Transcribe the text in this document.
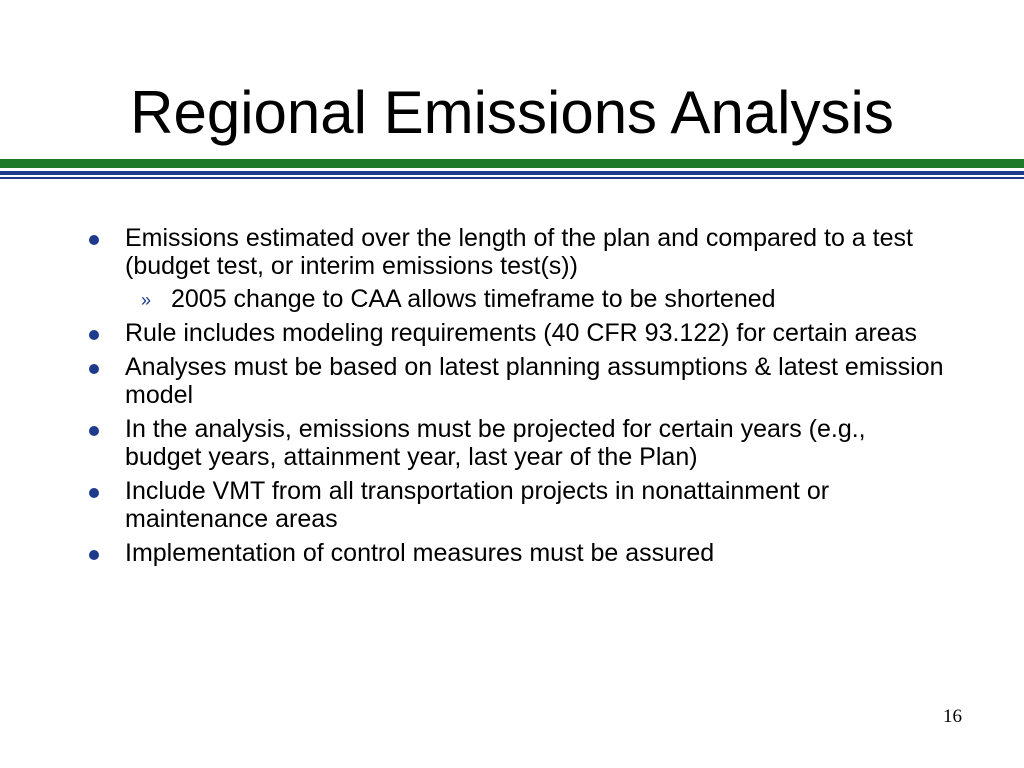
Regional Emissions Analysis
Emissions estimated over the length of the plan and compared to a test (budget test, or interim emissions test(s))
» 2005 change to CAA allows timeframe to be shortened
Rule includes modeling requirements (40 CFR 93.122) for certain areas
Analyses must be based on latest planning assumptions & latest emission model
In the analysis, emissions must be projected for certain years (e.g., budget years, attainment year, last year of the Plan)
Include VMT from all transportation projects in nonattainment or maintenance areas
Implementation of control measures must be assured
16
